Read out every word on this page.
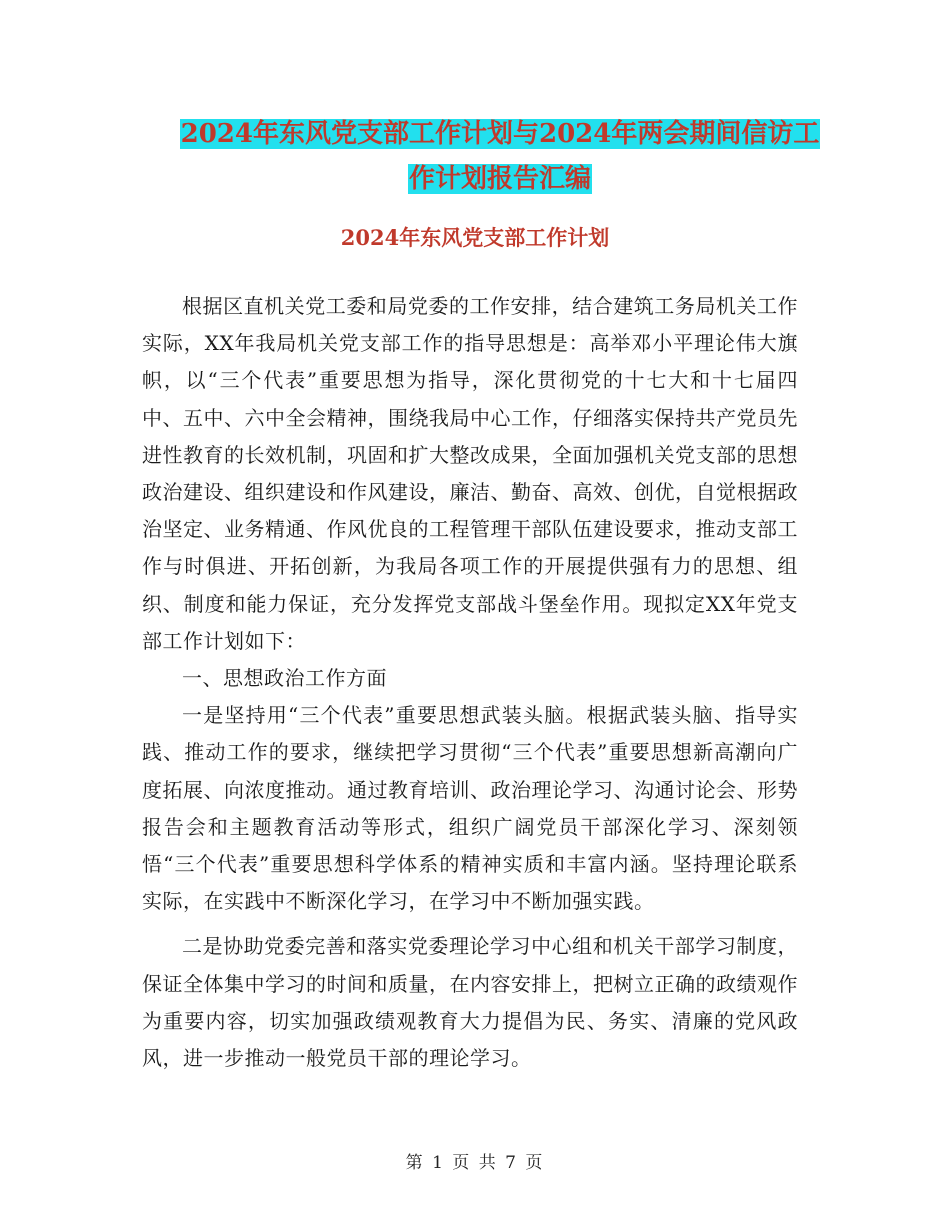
2024年东风党支部工作计划与2024年两会期间信访工
作计划报告汇编
2024年东风党支部工作计划

根据区直机关党工委和局党委的工作安排，结合建筑工务局机关工作实际，XX年我局机关党支部工作的指导思想是：高举邓小平理论伟大旗帜，以“三个代表”重要思想为指导，深化贯彻党的十七大和十七届四中、五中、六中全会精神，围绕我局中心工作，仔细落实保持共产党员先进性教育的长效机制，巩固和扩大整改成果，全面加强机关党支部的思想政治建设、组织建设和作风建设，廉洁、勤奋、高效、创优，自觉根据政治坚定、业务精通、作风优良的工程管理干部队伍建设要求，推动支部工作与时俱进、开拓创新，为我局各项工作的开展提供强有力的思想、组织、制度和能力保证，充分发挥党支部战斗堡垒作用。现拟定XX年党支部工作计划如下：

一、思想政治工作方面

一是坚持用“三个代表”重要思想武装头脑。根据武装头脑、指导实践、推动工作的要求，继续把学习贯彻“三个代表”重要思想新高潮向广度拓展、向浓度推动。通过教育培训、政治理论学习、沟通讨论会、形势报告会和主题教育活动等形式，组织广阔党员干部深化学习、深刻领悟“三个代表”重要思想科学体系的精神实质和丰富内涵。坚持理论联系实际，在实践中不断深化学习，在学习中不断加强实践。

二是协助党委完善和落实党委理论学习中心组和机关干部学习制度，保证全体集中学习的时间和质量，在内容安排上，把树立正确的政绩观作为重要内容，切实加强政绩观教育大力提倡为民、务实、清廉的党风政风，进一步推动一般党员干部的理论学习。

第 1 页 共 7 页
